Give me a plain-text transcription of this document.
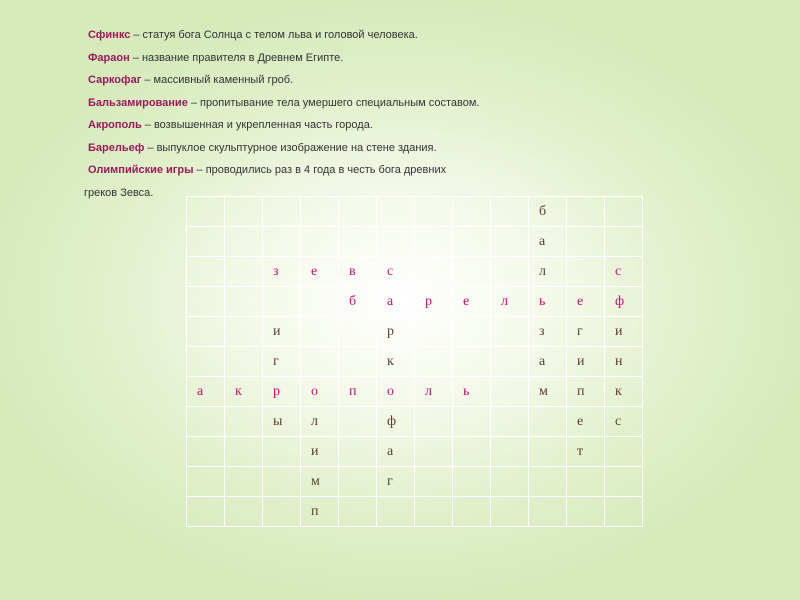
Сфинкс – статуя бога Солнца с телом льва и головой человека.
Фараон – название правителя в Древнем Египте.
Саркофаг – массивный каменный гроб.
Бальзамирование – пропитывание тела умершего специальным составом.
Акрополь – возвышенная и укрепленная часть города.
Барельеф – выпуклое скульптурное изображение на стене здания.
Олимпийские игры – проводились раз в 4 года в честь бога древних
греков Зевса.
									б		
									а		
		з	е	в	с				л		с
				б	а	р	е	л	ь	е	ф
		и			р				з	г	и
		г			к				а	и	н
а	к	р	о	п	о	л	ь		м	п	к
		ы	л		ф					е	с
			и		а					т	
			м		г						
			п								
